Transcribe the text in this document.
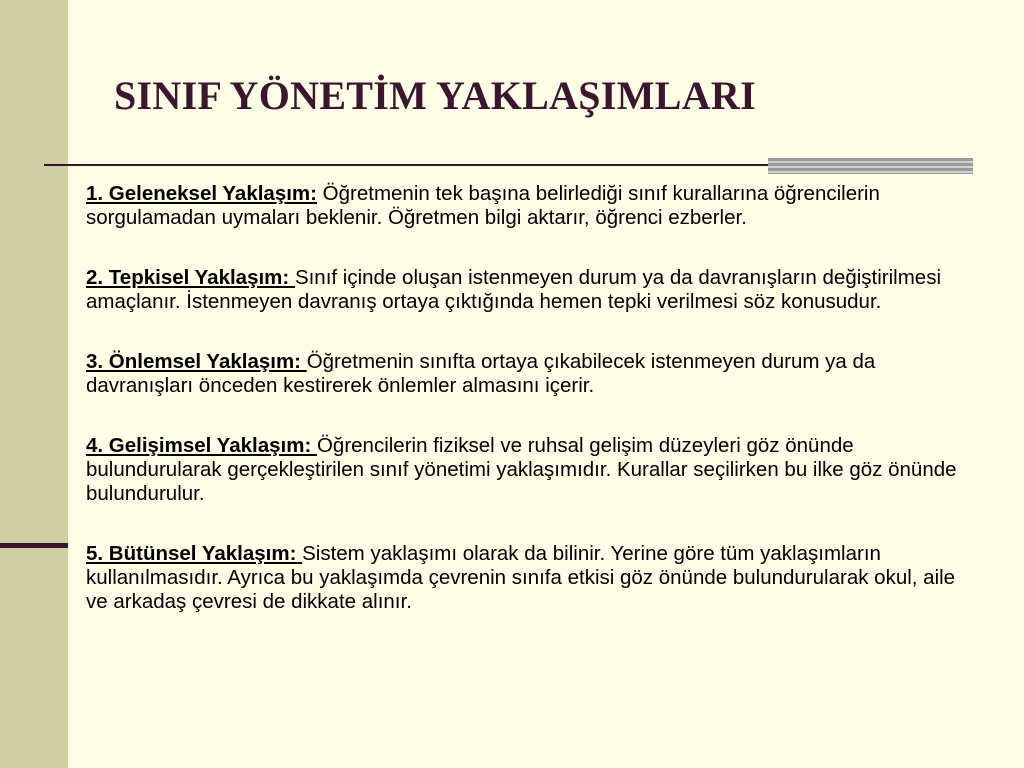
SINIF YÖNETİM YAKLAŞIMLARI

1. Geleneksel Yaklaşım: Öğretmenin tek başına belirlediği sınıf kurallarına öğrencilerin sorgulamadan uymaları beklenir. Öğretmen bilgi aktarır, öğrenci ezberler.

2. Tepkisel Yaklaşım: Sınıf içinde oluşan istenmeyen durum ya da davranışların değiştirilmesi amaçlanır. İstenmeyen davranış ortaya çıktığında hemen tepki verilmesi söz konusudur.

3. Önlemsel Yaklaşım: Öğretmenin sınıfta ortaya çıkabilecek istenmeyen durum ya da davranışları önceden kestirerek önlemler almasını içerir.

4. Gelişimsel Yaklaşım: Öğrencilerin fiziksel ve ruhsal gelişim düzeyleri göz önünde bulundurularak gerçekleştirilen sınıf yönetimi yaklaşımıdır. Kurallar seçilirken bu ilke göz önünde bulundurulur.

5. Bütünsel Yaklaşım: Sistem yaklaşımı olarak da bilinir. Yerine göre tüm yaklaşımların kullanılmasıdır. Ayrıca bu yaklaşımda çevrenin sınıfa etkisi göz önünde bulundurularak okul, aile ve arkadaş çevresi de dikkate alınır.
